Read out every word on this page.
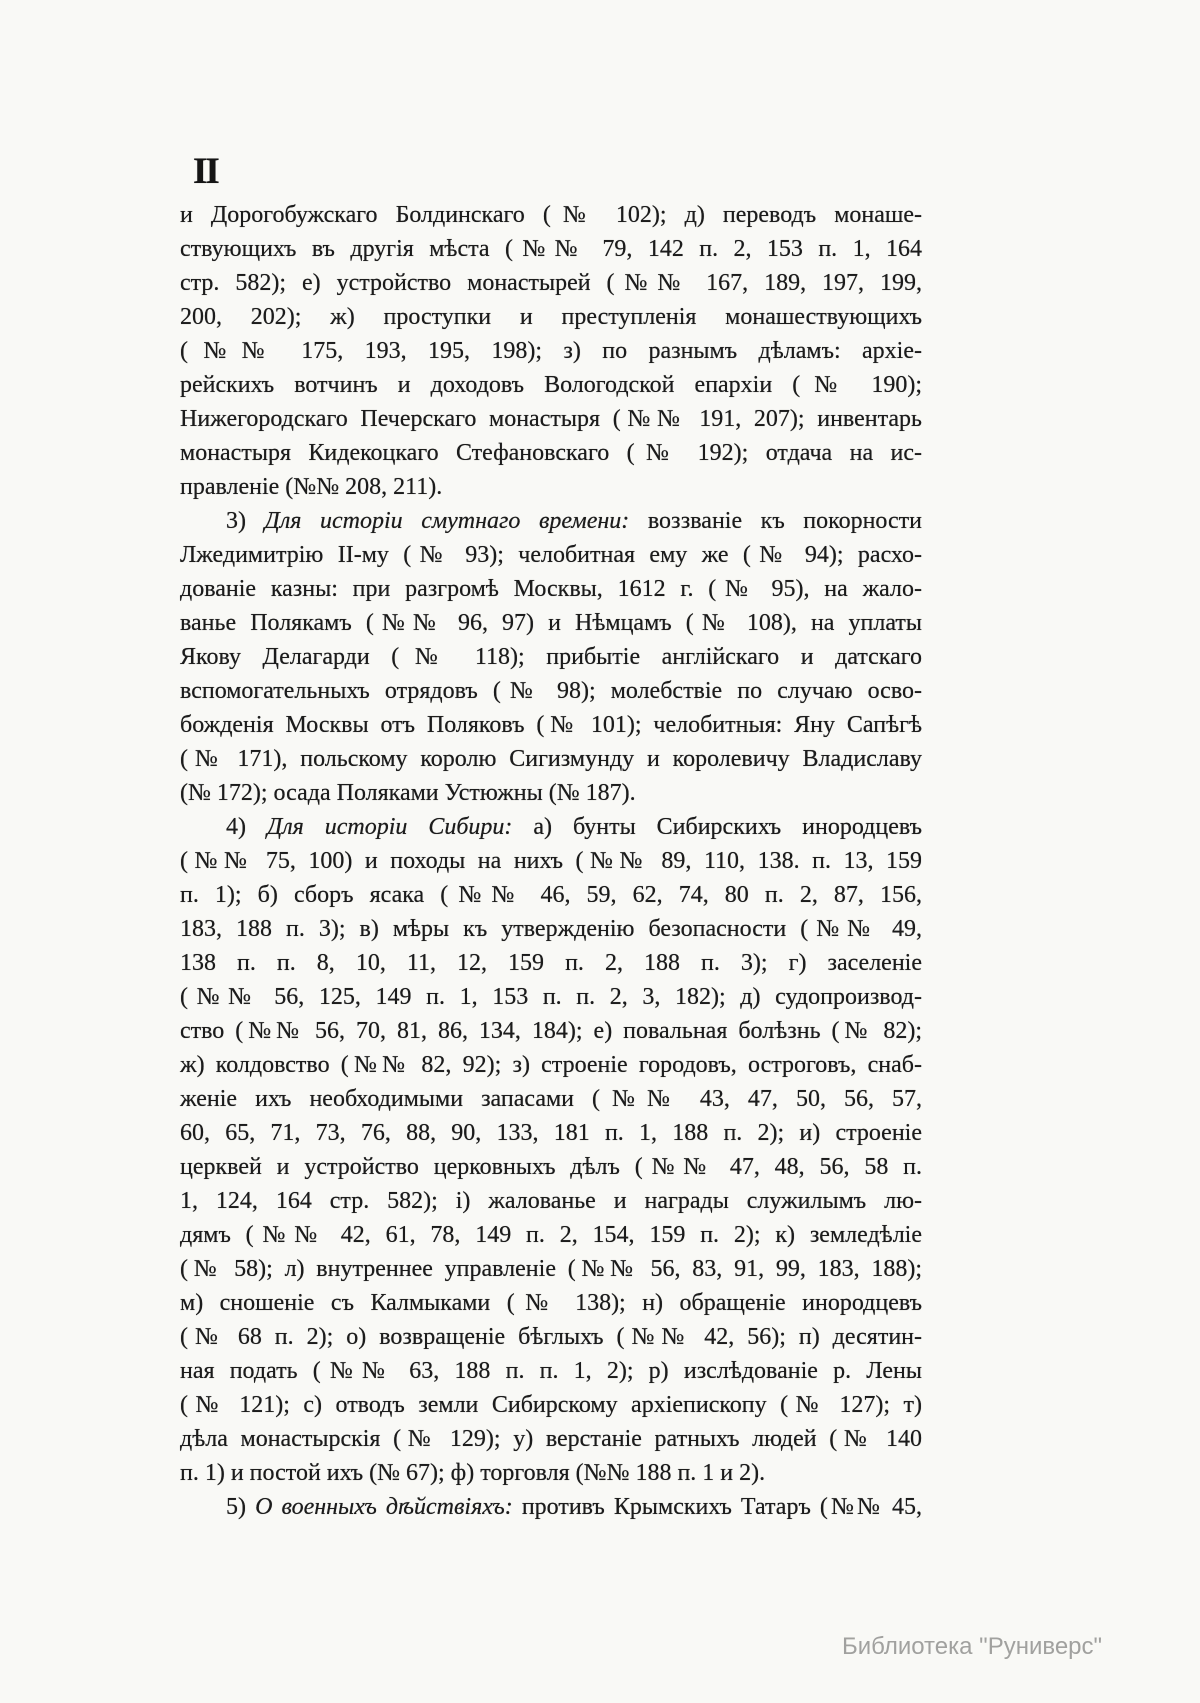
II
и Дорогобужскаго Болдинскаго (№ 102); д) переводъ монаше-
ствующихъ въ другія мѣста (№№ 79, 142 п. 2, 153 п. 1, 164
стр. 582); е) устройство монастырей (№№ 167, 189, 197, 199,
200, 202); ж) проступки и преступленія монашествующихъ
(№№ 175, 193, 195, 198); з) по разнымъ дѣламъ: архіе-
рейскихъ вотчинъ и доходовъ Вологодской епархіи (№ 190);
Нижегородскаго Печерскаго монастыря (№№ 191, 207); инвентарь
монастыря Кидекоцкаго Стефановскаго (№ 192); отдача на ис-
правленіе (№№ 208, 211).
3) Для исторіи смутнаго времени: воззваніе къ покорности
Лжедимитрію II-му (№ 93); челобитная ему же (№ 94); расхо-
дованіе казны: при разгромѣ Москвы, 1612 г. (№ 95), на жало-
ванье Полякамъ (№№ 96, 97) и Нѣмцамъ (№ 108), на уплаты
Якову Делагарди (№ 118); прибытіе англійскаго и датскаго
вспомогательныхъ отрядовъ (№ 98); молебствіе по случаю осво-
божденія Москвы отъ Поляковъ (№ 101); челобитныя: Яну Сапѣгѣ
(№ 171), польскому королю Сигизмунду и королевичу Владиславу
(№ 172); осада Поляками Устюжны (№ 187).
4) Для исторіи Сибири: а) бунты Сибирскихъ инородцевъ
(№№ 75, 100) и походы на нихъ (№№ 89, 110, 138. п. 13, 159
п. 1); б) сборъ ясака (№№ 46, 59, 62, 74, 80 п. 2, 87, 156,
183, 188 п. 3); в) мѣры къ утвержденію безопасности (№№ 49,
138 п. п. 8, 10, 11, 12, 159 п. 2, 188 п. 3); г) заселеніе
(№№ 56, 125, 149 п. 1, 153 п. п. 2, 3, 182); д) судопроизвод-
ство (№№ 56, 70, 81, 86, 134, 184); е) повальная болѣзнь (№ 82);
ж) колдовство (№№ 82, 92); з) строеніе городовъ, остроговъ, снаб-
женіе ихъ необходимыми запасами (№№ 43, 47, 50, 56, 57,
60, 65, 71, 73, 76, 88, 90, 133, 181 п. 1, 188 п. 2); и) строеніе
церквей и устройство церковныхъ дѣлъ (№№ 47, 48, 56, 58 п.
1, 124, 164 стр. 582); і) жалованье и награды служилымъ лю-
дямъ (№№ 42, 61, 78, 149 п. 2, 154, 159 п. 2); к) земледѣліе
(№ 58); л) внутреннее управленіе (№№ 56, 83, 91, 99, 183, 188);
м) сношеніе съ Калмыками (№ 138); н) обращеніе инородцевъ
(№ 68 п. 2); о) возвращеніе бѣглыхъ (№№ 42, 56); п) десятин-
ная подать (№№ 63, 188 п. п. 1, 2); р) изслѣдованіе р. Лены
(№ 121); с) отводъ земли Сибирскому архіепископу (№ 127); т)
дѣла монастырскія (№ 129); у) верстаніе ратныхъ людей (№ 140
п. 1) и постой ихъ (№ 67); ф) торговля (№№ 188 п. 1 и 2).
5) О военныхъ дѣйствіяхъ: противъ Крымскихъ Татаръ (№№ 45,
Библиотека "Руниверс"
